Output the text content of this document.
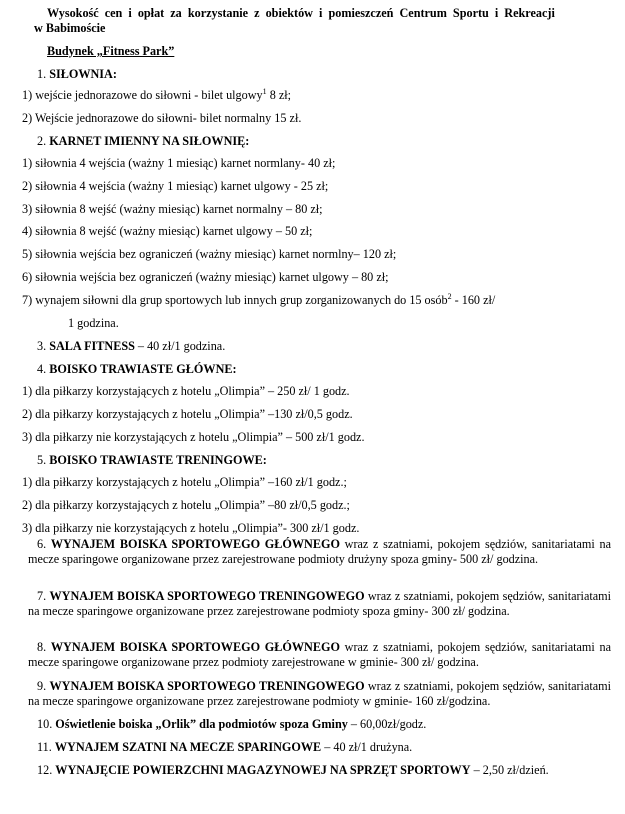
Wysokość cen i opłat za korzystanie z obiektów i pomieszczeń Centrum Sportu i Rekreacji
w Babimoście
Budynek „Fitness Park”
1. SIŁOWNIA:
1) wejście jednorazowe do siłowni - bilet ulgowy$^1$ 8 zł;
2) Wejście jednorazowe do siłowni- bilet normalny 15 zł.
2. KARNET IMIENNY NA SIŁOWNIĘ:
1) siłownia 4 wejścia (ważny 1 miesiąc) karnet normlany- 40 zł;
2) siłownia 4 wejścia (ważny 1 miesiąc) karnet ulgowy - 25 zł;
3) siłownia 8 wejść (ważny miesiąc) karnet normalny – 80 zł;
4) siłownia 8 wejść (ważny miesiąc) karnet ulgowy – 50 zł;
5) siłownia wejścia bez ograniczeń (ważny miesiąc) karnet normlny– 120 zł;
6) siłownia wejścia bez ograniczeń (ważny miesiąc) karnet ulgowy – 80 zł;
7) wynajem siłowni dla grup sportowych lub innych grup zorganizowanych do 15 osób$^2$ - 160 zł/
1 godzina.
3. SALA FITNESS – 40 zł/1 godzina.
4. BOISKO TRAWIASTE GŁÓWNE:
1) dla piłkarzy korzystających z hotelu „Olimpia” – 250 zł/ 1 godz.
2) dla piłkarzy korzystających z hotelu „Olimpia” –130 zł/0,5 godz.
3) dla piłkarzy nie korzystających z hotelu „Olimpia” – 500 zł/1 godz.
5. BOISKO TRAWIASTE TRENINGOWE:
1) dla piłkarzy korzystających z hotelu „Olimpia” –160 zł/1 godz.;
2) dla piłkarzy korzystających z hotelu „Olimpia” –80 zł/0,5 godz.;
3) dla piłkarzy nie korzystających z hotelu „Olimpia”- 300 zł/1 godz.
6. WYNAJEM BOISKA SPORTOWEGO GŁÓWNEGO wraz z szatniami, pokojem sędziów, sanitariatami na mecze sparingowe organizowane przez zarejestrowane podmioty drużyny spoza gminy- 500 zł/ godzina.
7. WYNAJEM BOISKA SPORTOWEGO TRENINGOWEGO wraz z szatniami, pokojem sędziów, sanitariatami na mecze sparingowe organizowane przez zarejestrowane podmioty spoza gminy- 300 zł/ godzina.
8. WYNAJEM BOISKA SPORTOWEGO GŁÓWNEGO wraz z szatniami, pokojem sędziów, sanitariatami na mecze sparingowe organizowane przez podmioty zarejestrowane w gminie- 300 zł/ godzina.
9. WYNAJEM BOISKA SPORTOWEGO TRENINGOWEGO wraz z szatniami, pokojem sędziów, sanitariatami na mecze sparingowe organizowane przez zarejestrowane podmioty w gminie- 160 zł/godzina.
10. Oświetlenie boiska „Orlik” dla podmiotów spoza Gminy – 60,00zł/godz.
11. WYNAJEM SZATNI NA MECZE SPARINGOWE – 40 zł/1 drużyna.
12. WYNAJĘCIE POWIERZCHNI MAGAZYNOWEJ NA SPRZĘT SPORTOWY – 2,50 zł/dzień.
